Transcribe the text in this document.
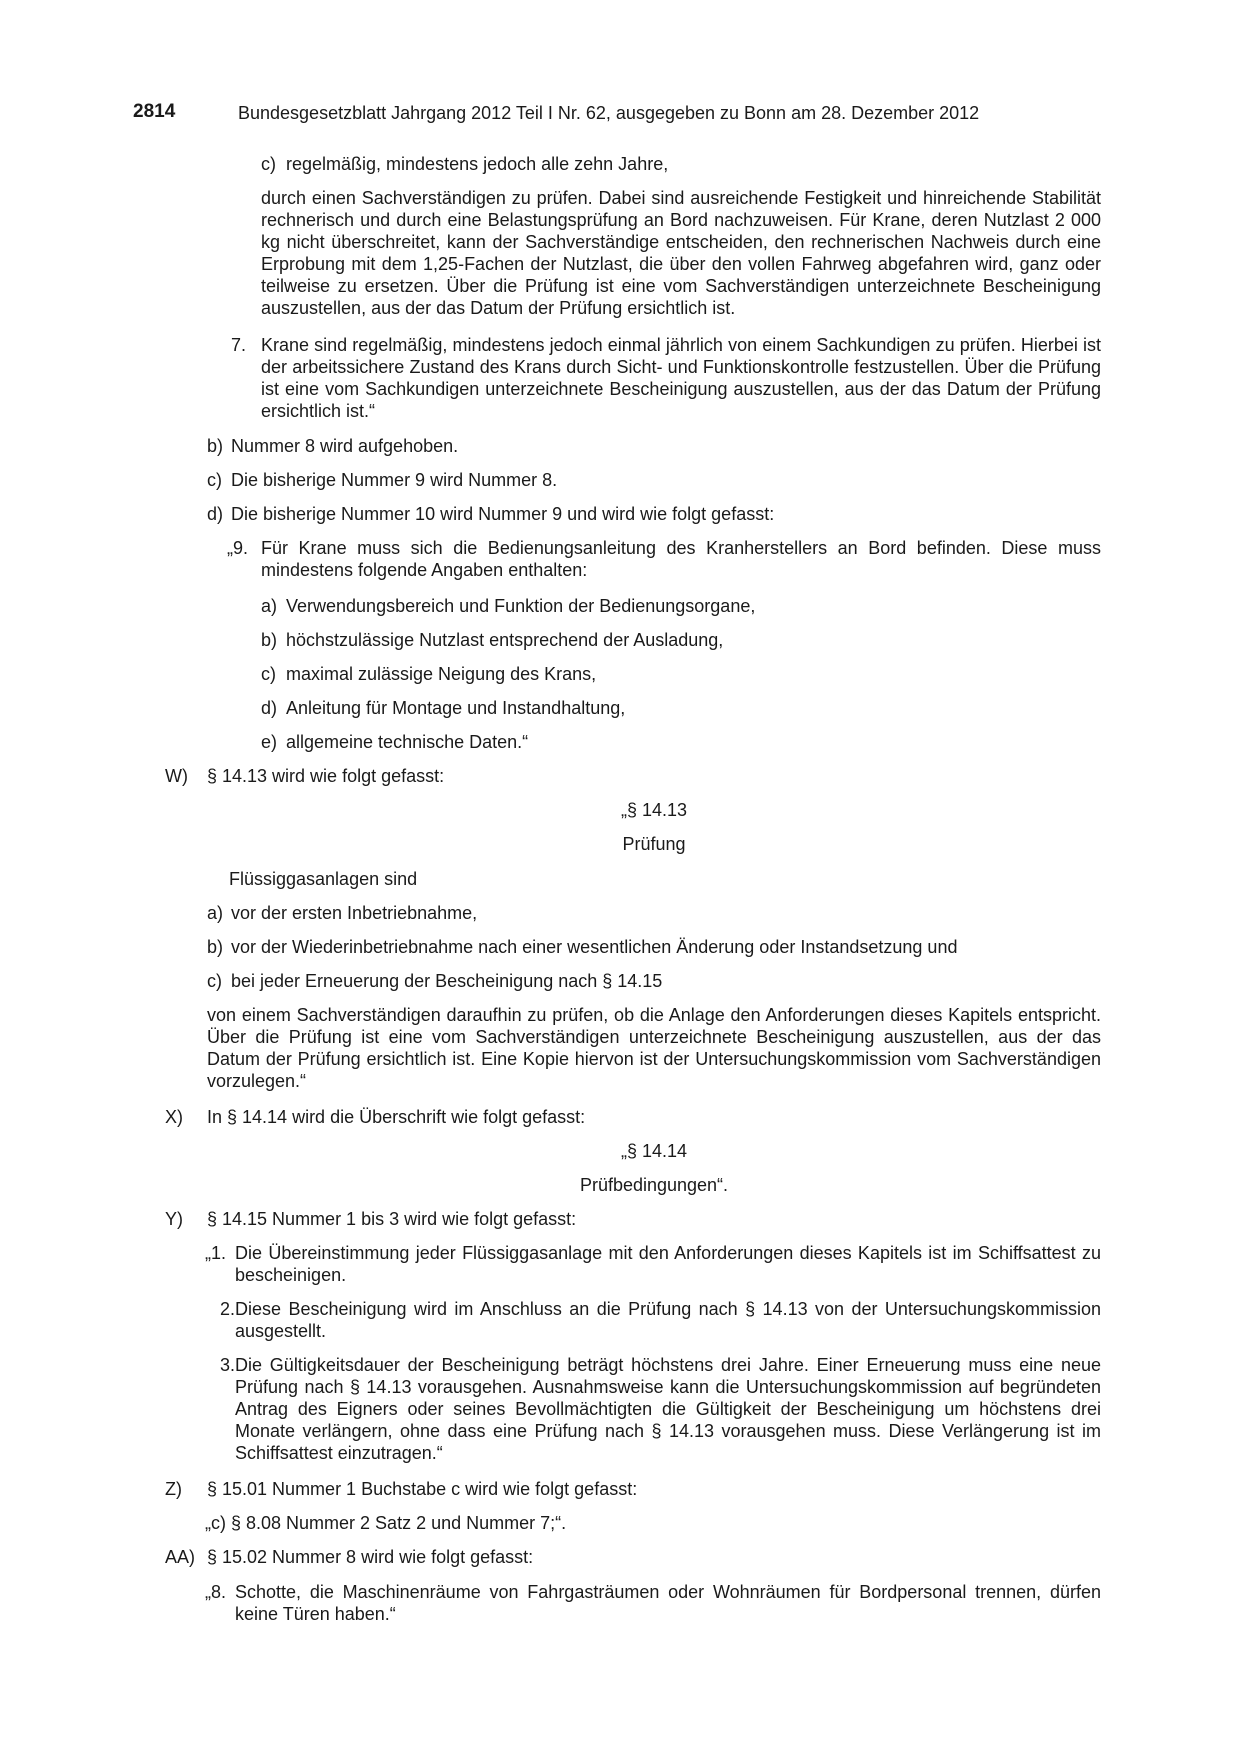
2814	Bundesgesetzblatt Jahrgang 2012 Teil I Nr. 62, ausgegeben zu Bonn am 28. Dezember 2012
c) regelmäßig, mindestens jedoch alle zehn Jahre,
durch einen Sachverständigen zu prüfen. Dabei sind ausreichende Festigkeit und hinreichende Stabilität rechnerisch und durch eine Belastungsprüfung an Bord nachzuweisen. Für Krane, deren Nutzlast 2 000 kg nicht überschreitet, kann der Sachverständige entscheiden, den rechnerischen Nachweis durch eine Erprobung mit dem 1,25-Fachen der Nutzlast, die über den vollen Fahrweg abgefahren wird, ganz oder teilweise zu ersetzen. Über die Prüfung ist eine vom Sachverständigen unterzeichnete Bescheinigung auszustellen, aus der das Datum der Prüfung ersichtlich ist.
7. Krane sind regelmäßig, mindestens jedoch einmal jährlich von einem Sachkundigen zu prüfen. Hierbei ist der arbeitssichere Zustand des Krans durch Sicht- und Funktionskontrolle festzustellen. Über die Prüfung ist eine vom Sachkundigen unterzeichnete Bescheinigung auszustellen, aus der das Datum der Prüfung ersichtlich ist.“
b) Nummer 8 wird aufgehoben.
c) Die bisherige Nummer 9 wird Nummer 8.
d) Die bisherige Nummer 10 wird Nummer 9 und wird wie folgt gefasst:
„9. Für Krane muss sich die Bedienungsanleitung des Kranherstellers an Bord befinden. Diese muss mindestens folgende Angaben enthalten:
a) Verwendungsbereich und Funktion der Bedienungsorgane,
b) höchstzulässige Nutzlast entsprechend der Ausladung,
c) maximal zulässige Neigung des Krans,
d) Anleitung für Montage und Instandhaltung,
e) allgemeine technische Daten.“
W) § 14.13 wird wie folgt gefasst:
„§ 14.13
Prüfung
Flüssiggasanlagen sind
a) vor der ersten Inbetriebnahme,
b) vor der Wiederinbetriebnahme nach einer wesentlichen Änderung oder Instandsetzung und
c) bei jeder Erneuerung der Bescheinigung nach § 14.15
von einem Sachverständigen daraufhin zu prüfen, ob die Anlage den Anforderungen dieses Kapitels entspricht. Über die Prüfung ist eine vom Sachverständigen unterzeichnete Bescheinigung auszustellen, aus der das Datum der Prüfung ersichtlich ist. Eine Kopie hiervon ist der Untersuchungskommission vom Sachverständigen vorzulegen.“
X) In § 14.14 wird die Überschrift wie folgt gefasst:
„§ 14.14
Prüfbedingungen“.
Y) § 14.15 Nummer 1 bis 3 wird wie folgt gefasst:
„1. Die Übereinstimmung jeder Flüssiggasanlage mit den Anforderungen dieses Kapitels ist im Schiffsattest zu bescheinigen.
2. Diese Bescheinigung wird im Anschluss an die Prüfung nach § 14.13 von der Untersuchungskommission ausgestellt.
3. Die Gültigkeitsdauer der Bescheinigung beträgt höchstens drei Jahre. Einer Erneuerung muss eine neue Prüfung nach § 14.13 vorausgehen. Ausnahmsweise kann die Untersuchungskommission auf begründeten Antrag des Eigners oder seines Bevollmächtigten die Gültigkeit der Bescheinigung um höchstens drei Monate verlängern, ohne dass eine Prüfung nach § 14.13 vorausgehen muss. Diese Verlängerung ist im Schiffsattest einzutragen.“
Z) § 15.01 Nummer 1 Buchstabe c wird wie folgt gefasst:
„c) § 8.08 Nummer 2 Satz 2 und Nummer 7;“.
AA) § 15.02 Nummer 8 wird wie folgt gefasst:
„8. Schotte, die Maschinenräume von Fahrgasträumen oder Wohnräumen für Bordpersonal trennen, dürfen keine Türen haben.“
